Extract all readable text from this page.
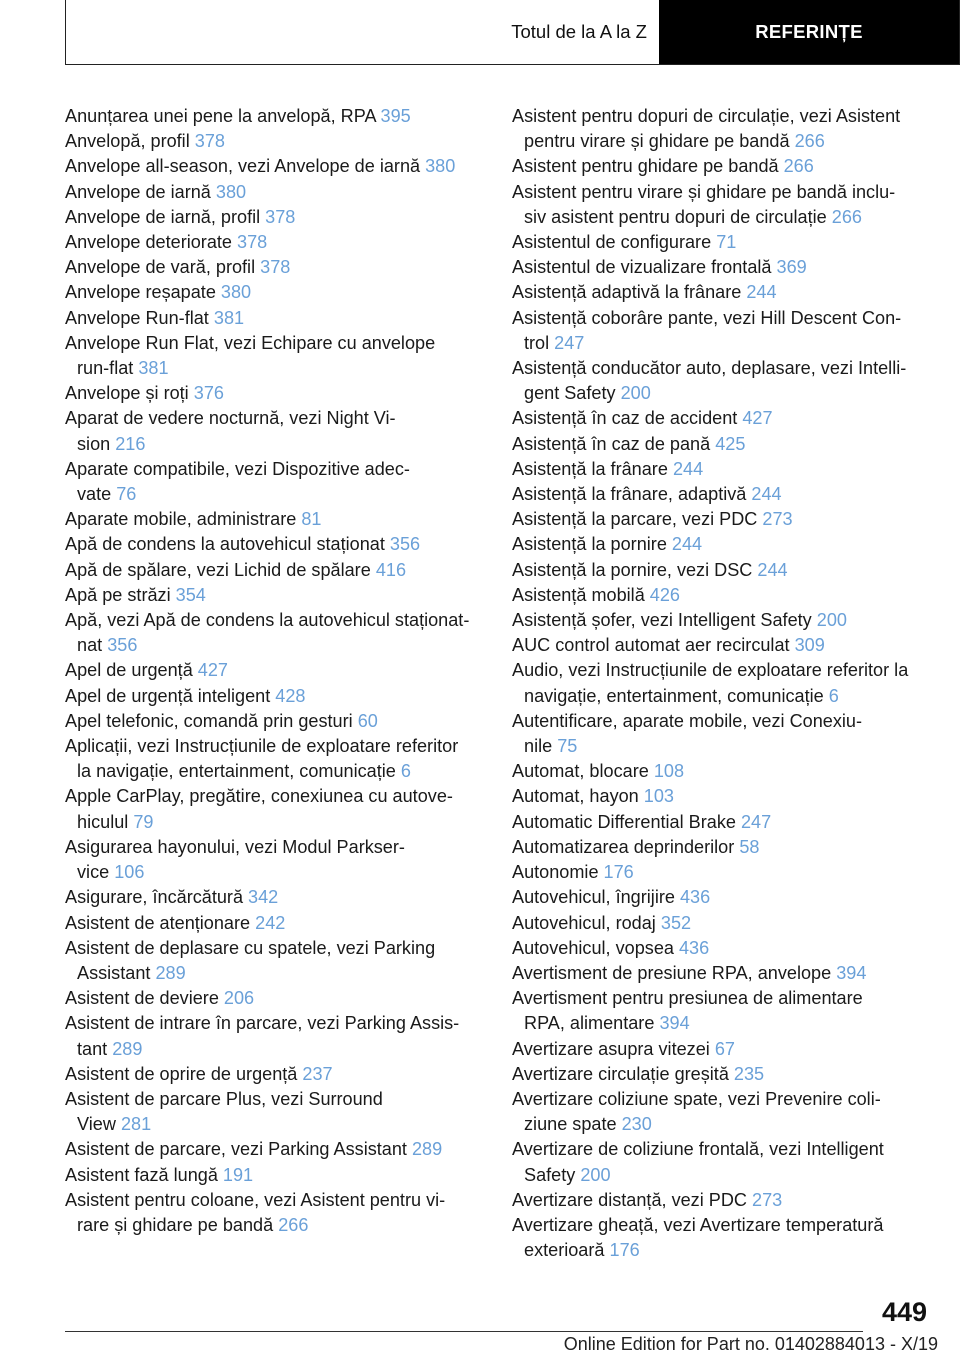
Totul de la A la Z	REFERINȚE
Anunțarea unei pene la anvelopă, RPA 395
Anvelopă, profil 378
Anvelope all-season, vezi Anvelope de iarnă 380
Anvelope de iarnă 380
Anvelope de iarnă, profil 378
Anvelope deteriorate 378
Anvelope de vară, profil 378
Anvelope reșapate 380
Anvelope Run-flat 381
Anvelope Run Flat, vezi Echipare cu anvelope
run-flat 381
Anvelope și roți 376
Aparat de vedere nocturnă, vezi Night Vi-
sion 216
Aparate compatibile, vezi Dispozitive adec-
vate 76
Aparate mobile, administrare 81
Apă de condens la autovehicul staționat 356
Apă de spălare, vezi Lichid de spălare 416
Apă pe străzi 354
Apă, vezi Apă de condens la autovehicul staționat-
nat 356
Apel de urgență 427
Apel de urgență inteligent 428
Apel telefonic, comandă prin gesturi 60
Aplicații, vezi Instrucțiunile de exploatare referitor
la navigație, entertainment, comunicație 6
Apple CarPlay, pregătire, conexiunea cu autove-
hiculul 79
Asigurarea hayonului, vezi Modul Parkser-
vice 106
Asigurare, încărcătură 342
Asistent de atenționare 242
Asistent de deplasare cu spatele, vezi Parking
Assistant 289
Asistent de deviere 206
Asistent de intrare în parcare, vezi Parking Assis-
tant 289
Asistent de oprire de urgență 237
Asistent de parcare Plus, vezi Surround
View 281
Asistent de parcare, vezi Parking Assistant 289
Asistent fază lungă 191
Asistent pentru coloane, vezi Asistent pentru vi-
rare și ghidare pe bandă 266
Asistent pentru dopuri de circulație, vezi Asistent
pentru virare și ghidare pe bandă 266
Asistent pentru ghidare pe bandă 266
Asistent pentru virare și ghidare pe bandă inclu-
siv asistent pentru dopuri de circulație 266
Asistentul de configurare 71
Asistentul de vizualizare frontală 369
Asistență adaptivă la frânare 244
Asistență coborâre pante, vezi Hill Descent Con-
trol 247
Asistență conducător auto, deplasare, vezi Intelli-
gent Safety 200
Asistență în caz de accident 427
Asistență în caz de pană 425
Asistență la frânare 244
Asistență la frânare, adaptivă 244
Asistență la parcare, vezi PDC 273
Asistență la pornire 244
Asistență la pornire, vezi DSC 244
Asistență mobilă 426
Asistență șofer, vezi Intelligent Safety 200
AUC control automat aer recirculat 309
Audio, vezi Instrucțiunile de exploatare referitor la
navigație, entertainment, comunicație 6
Autentificare, aparate mobile, vezi Conexiu-
nile 75
Automat, blocare 108
Automat, hayon 103
Automatic Differential Brake 247
Automatizarea deprinderilor 58
Autonomie 176
Autovehicul, îngrijire 436
Autovehicul, rodaj 352
Autovehicul, vopsea 436
Avertisment de presiune RPA, anvelope 394
Avertisment pentru presiunea de alimentare
RPA, alimentare 394
Avertizare asupra vitezei 67
Avertizare circulație greșită 235
Avertizare coliziune spate, vezi Prevenire coli-
ziune spate 230
Avertizare de coliziune frontală, vezi Intelligent
Safety 200
Avertizare distanță, vezi PDC 273
Avertizare gheață, vezi Avertizare temperatură
exterioară 176
449
Online Edition for Part no. 01402884013 - X/19
